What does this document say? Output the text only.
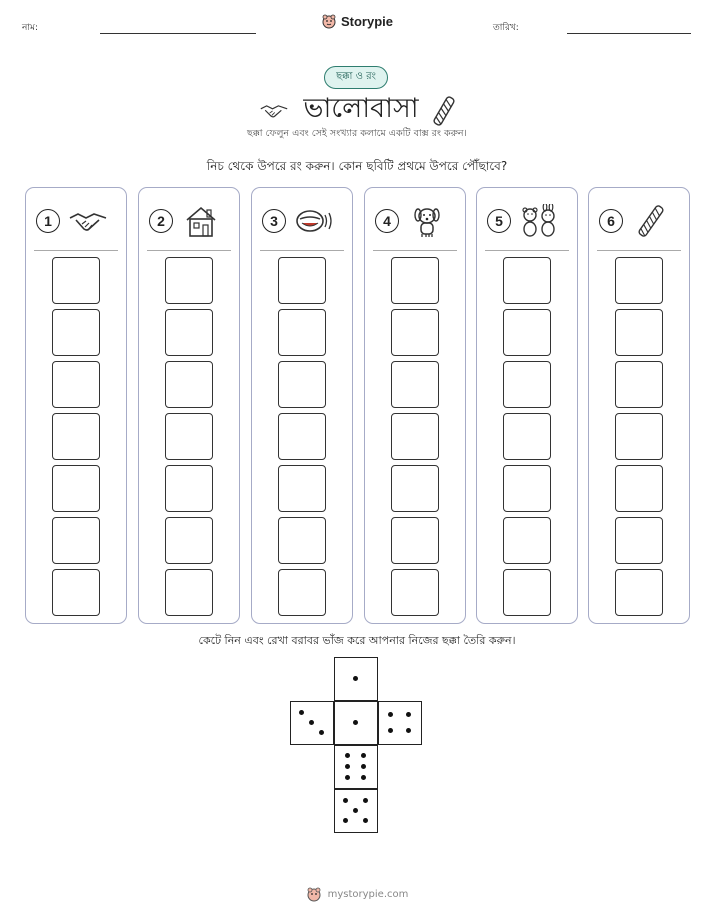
নাম:	Storypie	তারিখ:
ছক্কা ও রং
ভালোবাসা
ছক্কা ফেলুন এবং সেই সংখ্যার কলামে একটি বাক্স রং করুন।
নিচ থেকে উপরে রং করুন। কোন ছবিটি প্রথমে উপরে পৌঁছাবে?
1	2	3	4	5	6
কেটে নিন এবং রেখা বরাবর ভাঁজ করে আপনার নিজের ছক্কা তৈরি করুন।
mystorypie.com
